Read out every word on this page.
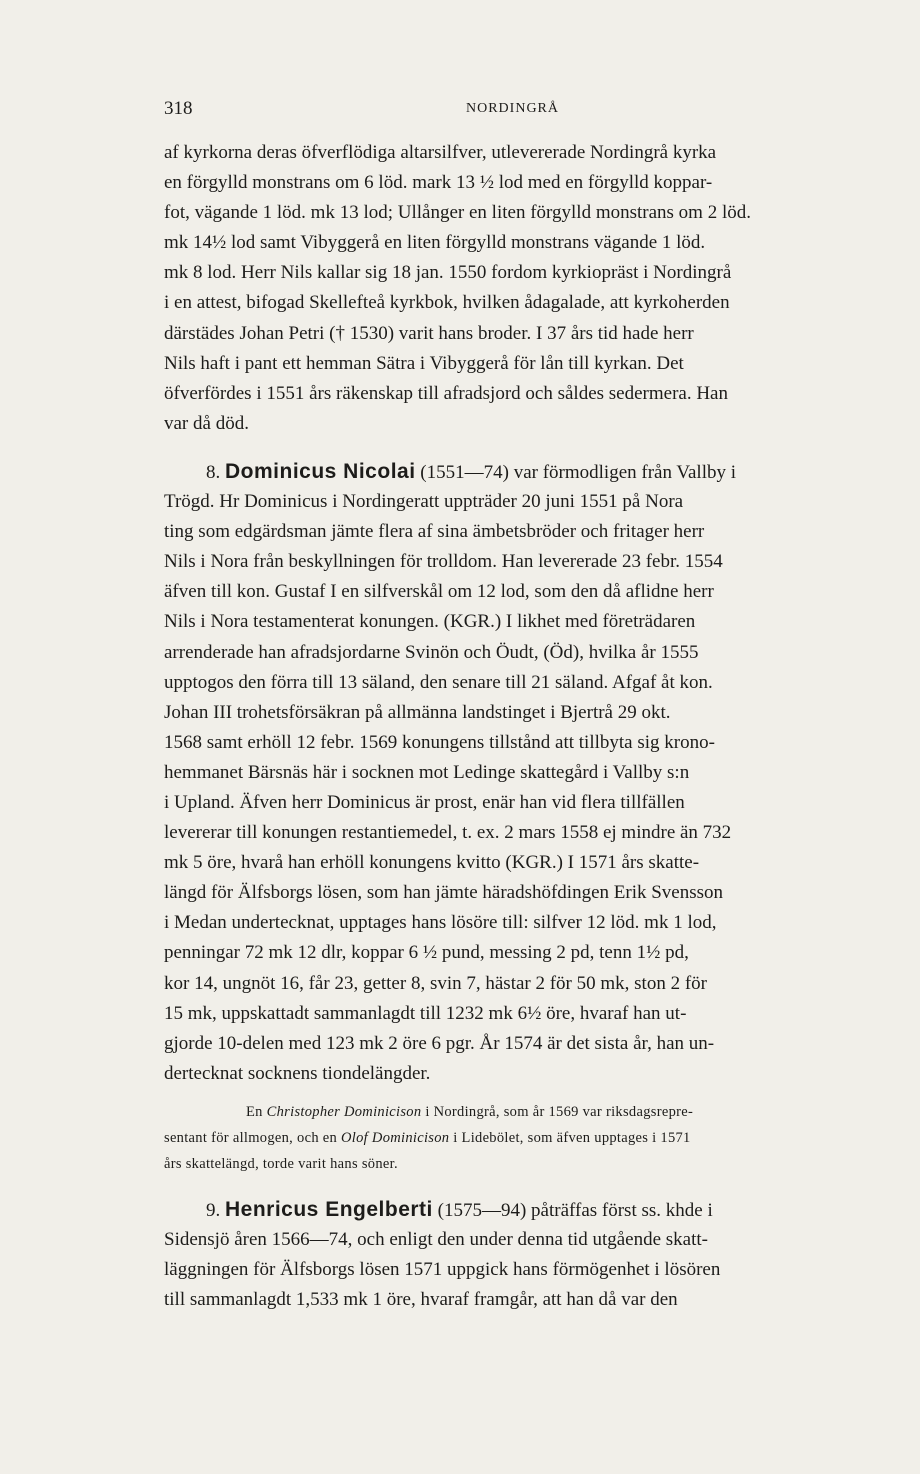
318	NORDINGRÅ
af kyrkorna deras öfverflödiga altarsilfver, utlevererade Nordingrå kyrka
en förgylld monstrans om 6 löd. mark 13 ½ lod med en förgylld koppar-
fot, vägande 1 löd. mk 13 lod; Ullånger en liten förgylld monstrans om 2 löd.
mk 14½ lod samt Vibyggerå en liten förgylld monstrans vägande 1 löd.
mk 8 lod. Herr Nils kallar sig 18 jan. 1550 fordom kyrkiopräst i Nordingrå
i en attest, bifogad Skellefteå kyrkbok, hvilken ådagalade, att kyrkoherden
därstädes Johan Petri († 1530) varit hans broder. I 37 års tid hade herr
Nils haft i pant ett hemman Sätra i Vibyggerå för lån till kyrkan. Det
öfverfördes i 1551 års räkenskap till afradsjord och såldes sedermera. Han
var då död.
8. Dominicus Nicolai (1551—74) var förmodligen från Vallby i
Trögd. Hr Dominicus i Nordingeratt uppträder 20 juni 1551 på Nora
ting som edgärdsman jämte flera af sina ämbetsbröder och fritager herr
Nils i Nora från beskyllningen för trolldom. Han levererade 23 febr. 1554
äfven till kon. Gustaf I en silfverskål om 12 lod, som den då aflidne herr
Nils i Nora testamenterat konungen. (KGR.) I likhet med företrädaren
arrenderade han afradsjordarne Svinön och Öudt, (Öd), hvilka år 1555
upptogos den förra till 13 säland, den senare till 21 säland. Afgaf åt kon.
Johan III trohetsförsäkran på allmänna landstinget i Bjertrå 29 okt.
1568 samt erhöll 12 febr. 1569 konungens tillstånd att tillbyta sig krono-
hemmanet Bärsnäs här i socknen mot Ledinge skattegård i Vallby s:n
i Upland. Äfven herr Dominicus är prost, enär han vid flera tillfällen
levererar till konungen restantiemedel, t. ex. 2 mars 1558 ej mindre än 732
mk 5 öre, hvarå han erhöll konungens kvitto (KGR.) I 1571 års skatte-
längd för Älfsborgs lösen, som han jämte häradshöfdingen Erik Svensson
i Medan undertecknat, upptages hans lösöre till: silfver 12 löd. mk 1 lod,
penningar 72 mk 12 dlr, koppar 6 ½ pund, messing 2 pd, tenn 1½ pd,
kor 14, ungnöt 16, får 23, getter 8, svin 7, hästar 2 för 50 mk, ston 2 för
15 mk, uppskattadt sammanlagdt till 1232 mk 6½ öre, hvaraf han ut-
gjorde 10-delen med 123 mk 2 öre 6 pgr. År 1574 är det sista år, han un-
dertecknat socknens tiondelängder.
En Christopher Dominicison i Nordingrå, som år 1569 var riksdagsrepre-
sentant för allmogen, och en Olof Dominicison i Lidebölet, som äfven upptages i 1571
års skattelängd, torde varit hans söner.
9. Henricus Engelberti (1575—94) påträffas först ss. khde i
Sidensjö åren 1566—74, och enligt den under denna tid utgående skatt-
läggningen för Älfsborgs lösen 1571 uppgick hans förmögenhet i lösören
till sammanlagdt 1,533 mk 1 öre, hvaraf framgår, att han då var den
